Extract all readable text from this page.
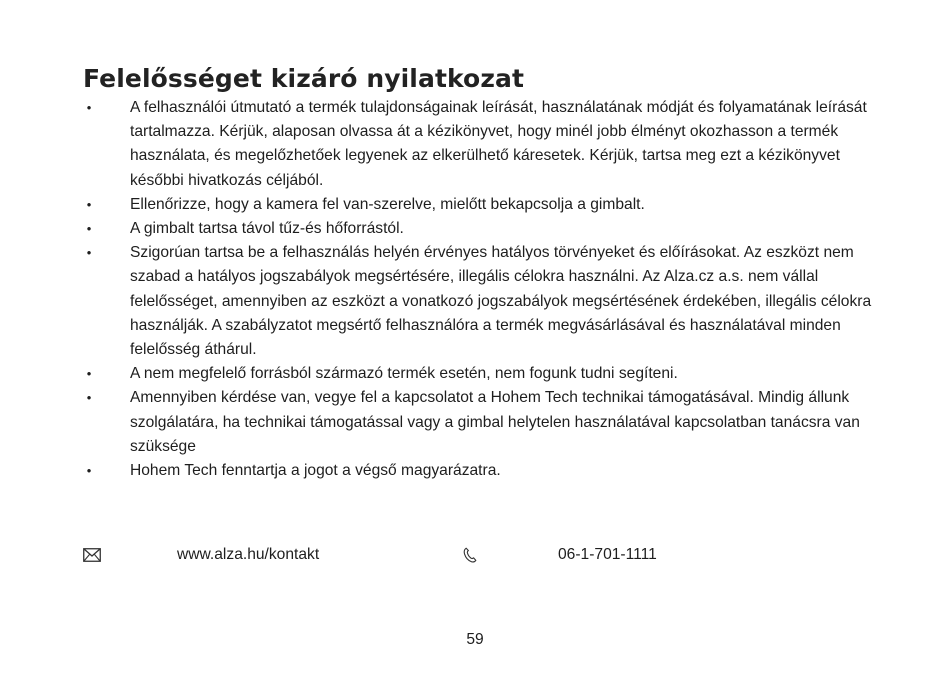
Felelősséget kizáró nyilatkozat
• A felhasználói útmutató a termék tulajdonságainak leírását, használatának módját és folyamatának leírását tartalmazza. Kérjük, alaposan olvassa át a kézikönyvet, hogy minél jobb élményt okozhasson a termék használata, és megelőzhetőek legyenek az elkerülhető káresetek. Kérjük, tartsa meg ezt a kézikönyvet későbbi hivatkozás céljából.
• Ellenőrizze, hogy a kamera fel van-szerelve, mielőtt bekapcsolja a gimbalt.
• A gimbalt tartsa távol tűz-és hőforrástól.
• Szigorúan tartsa be a felhasználás helyén érvényes hatályos törvényeket és előírásokat. Az eszközt nem szabad a hatályos jogszabályok megsértésére, illegális célokra használni. Az Alza.cz a.s. nem vállal felelősséget, amennyiben az eszközt a vonatkozó jogszabályok megsértésének érdekében, illegális célokra használják. A szabályzatot megsértő felhasználóra a termék megvásárlásával és használatával minden felelősség áthárul.
• A nem megfelelő forrásból származó termék esetén, nem fogunk tudni segíteni.
• Amennyiben kérdése van, vegye fel a kapcsolatot a Hohem Tech technikai támogatásával. Mindig állunk szolgálatára, ha technikai támogatással vagy a gimbal helytelen használatával kapcsolatban tanácsra van szüksége
• Hohem Tech fenntartja a jogot a végső magyarázatra.
www.alza.hu/kontakt	06-1-701-1111
59
